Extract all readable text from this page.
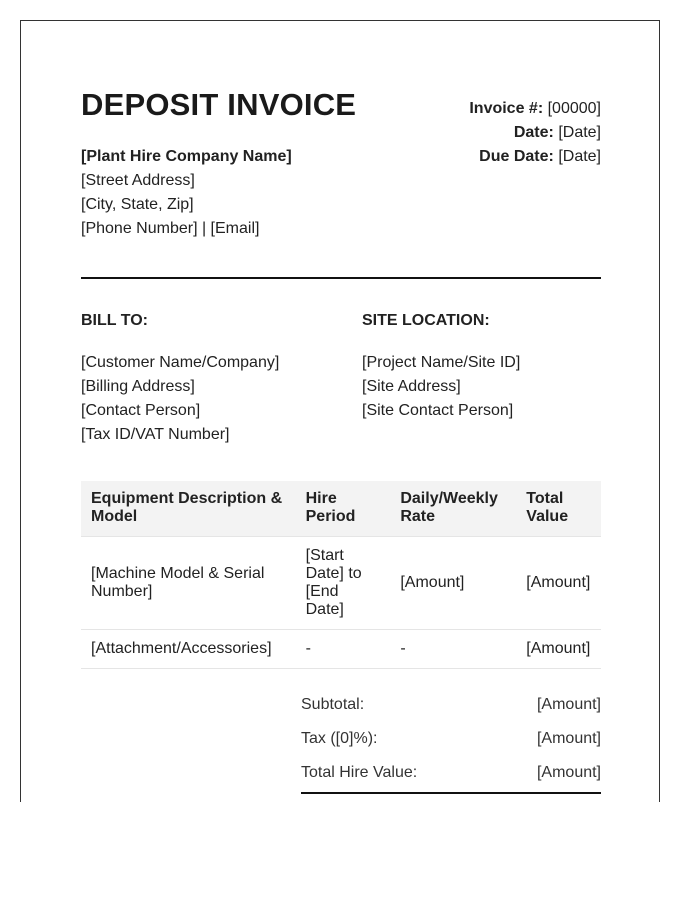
DEPOSIT INVOICE	Invoice #: [00000]
Date: [Date]
Due Date: [Date]
[Plant Hire Company Name]
[Street Address]
[City, State, Zip]
[Phone Number] | [Email]
BILL TO:
[Customer Name/Company]
[Billing Address]
[Contact Person]
[Tax ID/VAT Number]
SITE LOCATION:
[Project Name/Site ID]
[Site Address]
[Site Contact Person]
Equipment Description & Model	Hire Period	Daily/Weekly Rate	Total Value
[Machine Model & Serial Number]	[Start Date] to [End Date]	[Amount]	[Amount]
[Attachment/Accessories]	-	-	[Amount]
Subtotal:	[Amount]
Tax ([0]%):	[Amount]
Total Hire Value:	[Amount]
